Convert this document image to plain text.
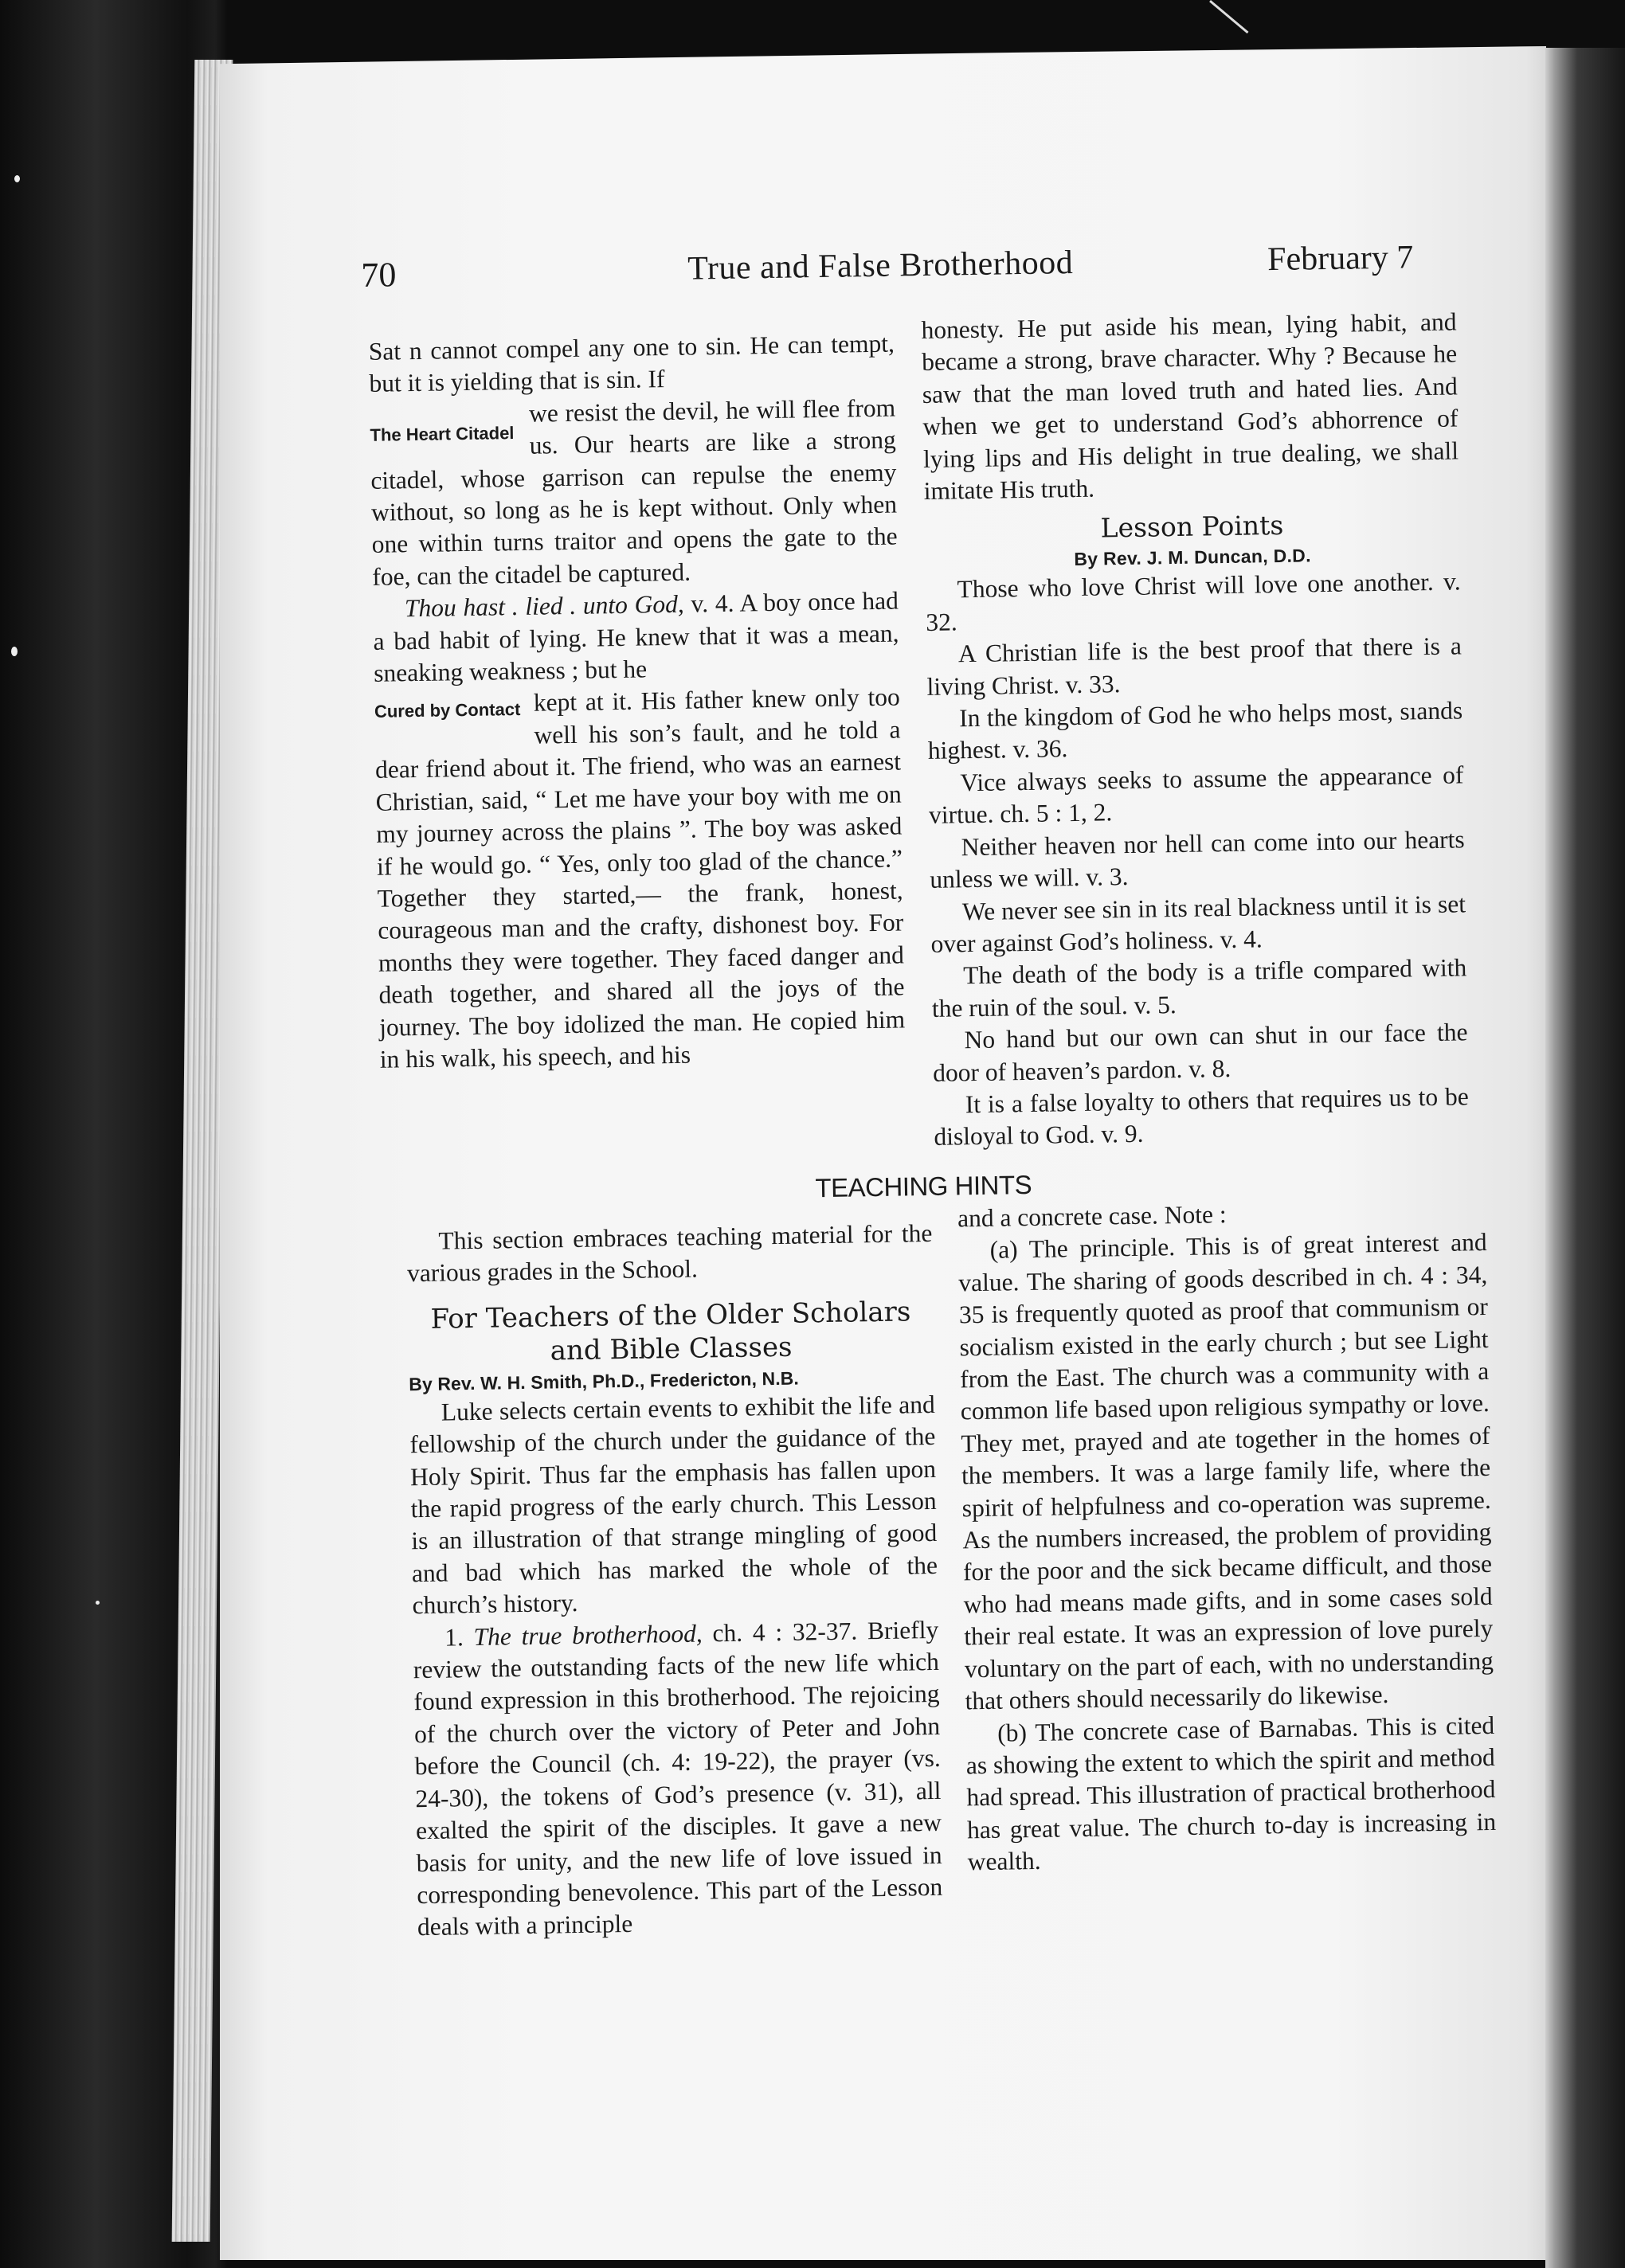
70	True and False Brotherhood	February 7

Sat n cannot compel any one to sin. He can tempt, but it is yielding that is sin. If

The Heart Citadel

we resist the devil, he will flee from us. Our hearts are like a strong citadel, whose garrison can repulse the enemy without, so long as he is kept without. Only when one within turns traitor and opens the gate to the foe, can the citadel be captured.

Thou hast . lied . unto God, v. 4. A boy once had a bad habit of lying. He knew that it was a mean, sneaking weakness ; but he

Cured by Contact kept at it. His father knew only too well his son’s fault, and he told a dear friend about it. The friend, who was an earnest Christian, said, “ Let me have your boy with me on my journey across the plains ”. The boy was asked if he would go. “ Yes, only too glad of the chance.” Together they started,— the frank, honest, courageous man and the crafty, dishonest boy. For months they were together. They faced danger and death together, and shared all the joys of the journey. The boy idolized the man. He copied him in his walk, his speech, and his

honesty. He put aside his mean, lying habit, and became a strong, brave character. Why ? Because he saw that the man loved truth and hated lies. And when we get to understand God’s abhorrence of lying lips and His delight in true dealing, we shall imitate His truth.

Lesson Points
By Rev. J. M. Duncan, D.D.

Those who love Christ will love one another. v. 32.

A Christian life is the best proof that there is a living Christ. v. 33.

In the kingdom of God he who helps most, sıands highest. v. 36.

Vice always seeks to assume the appearance of virtue. ch. 5 : 1, 2.

Neither heaven nor hell can come into our hearts unless we will. v. 3.

We never see sin in its real blackness until it is set over against God’s holiness. v. 4.

The death of the body is a trifle compared with the ruin of the soul. v. 5.

No hand but our own can shut in our face the door of heaven’s pardon. v. 8.

It is a false loyalty to others that requires us to be disloyal to God. v. 9.

TEACHING HINTS

This section embraces teaching material for the various grades in the School.

For Teachers of the Older Scholars and Bible Classes
By Rev. W. H. Smith, Ph.D., Fredericton, N.B.

Luke selects certain events to exhibit the life and fellowship of the church under the guidance of the Holy Spirit. Thus far the emphasis has fallen upon the rapid progress of the early church. This Lesson is an illustration of that strange mingling of good and bad which has marked the whole of the church’s history.

1. The true brotherhood, ch. 4 : 32-37. Briefly review the outstanding facts of the new life which found expression in this brotherhood. The rejoicing of the church over the victory of Peter and John before the Council (ch. 4: 19-22), the prayer (vs. 24-30), the tokens of God’s presence (v. 31), all exalted the spirit of the disciples. It gave a new basis for unity, and the new life of love issued in corresponding benevolence. This part of the Lesson deals with a principle

and a concrete case. Note :

(a) The principle. This is of great interest and value. The sharing of goods described in ch. 4 : 34, 35 is frequently quoted as proof that communism or socialism existed in the early church ; but see Light from the East. The church was a community with a common life based upon religious sympathy or love. They met, prayed and ate together in the homes of the members. It was a large family life, where the spirit of helpfulness and co-operation was supreme. As the numbers increased, the problem of providing for the poor and the sick became difficult, and those who had means made gifts, and in some cases sold their real estate. It was an expression of love purely voluntary on the part of each, with no understanding that others should necessarily do likewise.

(b) The concrete case of Barnabas. This is cited as showing the extent to which the spirit and method had spread. This illustration of practical brotherhood has great value. The church to-day is increasing in wealth.
